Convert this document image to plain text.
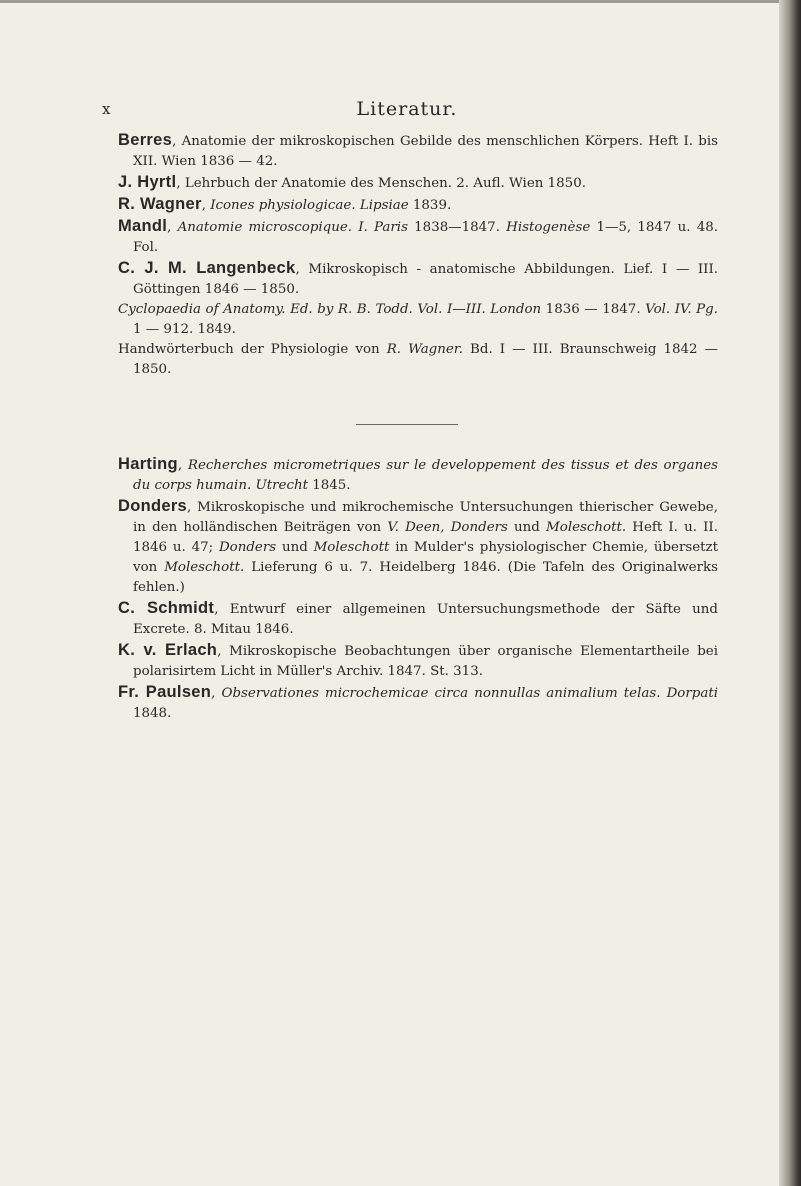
x	Literatur.

Berres, Anatomie der mikroskopischen Gebilde des menschlichen Körpers. Heft I. bis XII. Wien 1836 — 42.

J. Hyrtl, Lehrbuch der Anatomie des Menschen. 2. Aufl. Wien 1850.

R. Wagner, Icones physiologicae. Lipsiae 1839.

Mandl, Anatomie microscopique. I. Paris 1838—1847. Histogenèse 1—5, 1847 u. 48. Fol.

C. J. M. Langenbeck, Mikroskopisch - anatomische Abbildungen. Lief. I — III. Göttingen 1846 — 1850.

Cyclopaedia of Anatomy. Ed. by R. B. Todd. Vol. I—III. London 1836 — 1847. Vol. IV. Pg. 1 — 912. 1849.

Handwörterbuch der Physiologie von R. Wagner. Bd. I — III. Braunschweig 1842 — 1850.

Harting, Recherches micrometriques sur le developpement des tissus et des organes du corps humain. Utrecht 1845.

Donders, Mikroskopische und mikrochemische Untersuchungen thierischer Gewebe, in den holländischen Beiträgen von V. Deen, Donders und Moleschott. Heft I. u. II. 1846 u. 47; Donders und Moleschott in Mulder's physiologischer Chemie, übersetzt von Moleschott. Lieferung 6 u. 7. Heidelberg 1846. (Die Tafeln des Originalwerks fehlen.)

C. Schmidt, Entwurf einer allgemeinen Untersuchungsmethode der Säfte und Excrete. 8. Mitau 1846.

K. v. Erlach, Mikroskopische Beobachtungen über organische Elementartheile bei polarisirtem Licht in Müller's Archiv. 1847. St. 313.

Fr. Paulsen, Observationes microchemicae circa nonnullas animalium telas. Dorpati 1848.
